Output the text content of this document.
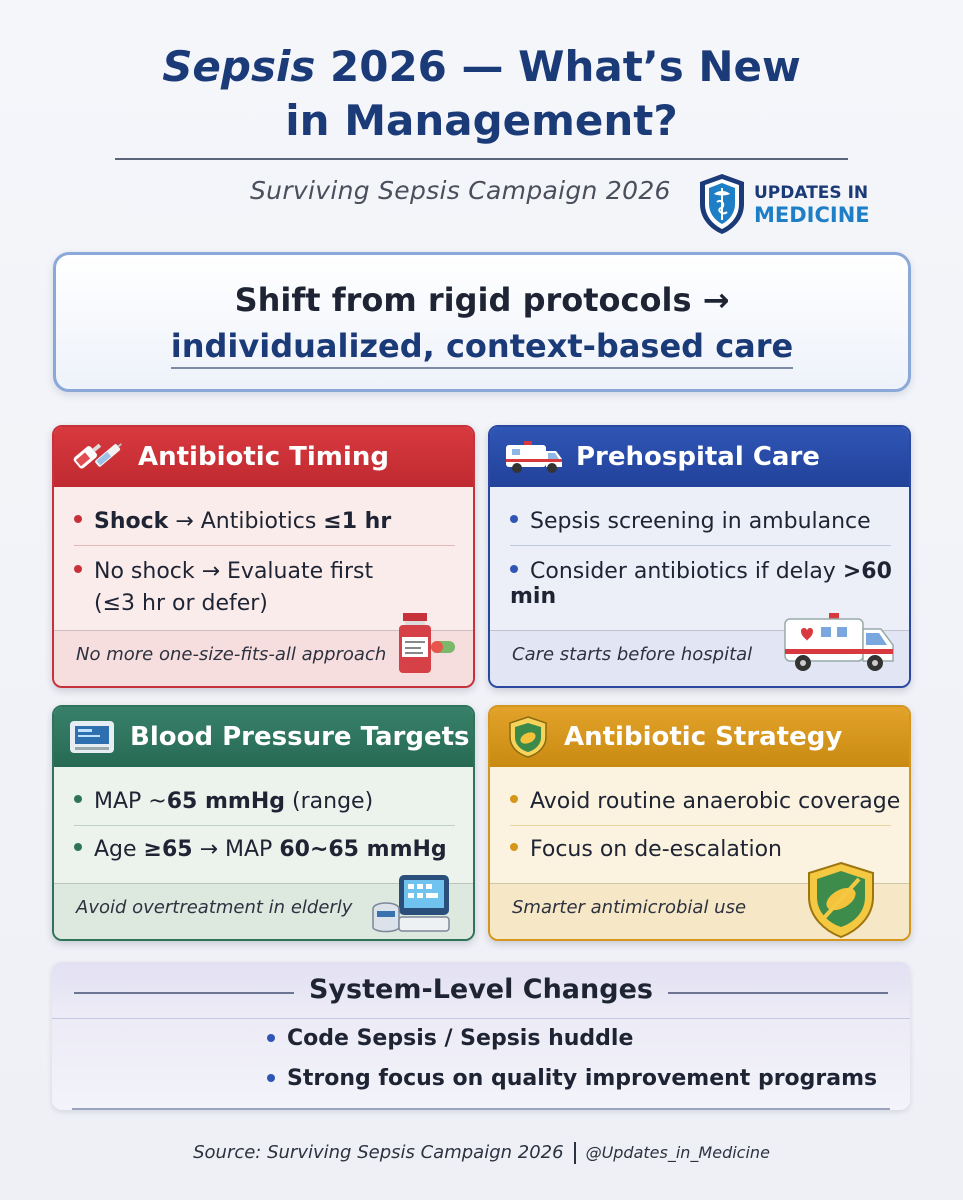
Sepsis 2026 — What’s New
in Management?
Surviving Sepsis Campaign 2026	UPDATES IN
MEDICINE
Shift from rigid protocols →
individualized, context-based care
Antibiotic Timing
Shock → Antibiotics ≤1 hr
No shock → Evaluate first
(≤3 hr or defer)
No more one-size-fits-all approach
Prehospital Care
Sepsis screening in ambulance
Consider antibiotics if delay >60 min
Care starts before hospital
Blood Pressure Targets
MAP ~65 mmHg (range)
Age ≥65 → MAP 60~65 mmHg
Avoid overtreatment in elderly
Antibiotic Strategy
Avoid routine anaerobic coverage
Focus on de-escalation
Smarter antimicrobial use
System-Level Changes
Code Sepsis / Sepsis huddle
Strong focus on quality improvement programs
Source: Surviving Sepsis Campaign 2026 @Updates_in_Medicine
